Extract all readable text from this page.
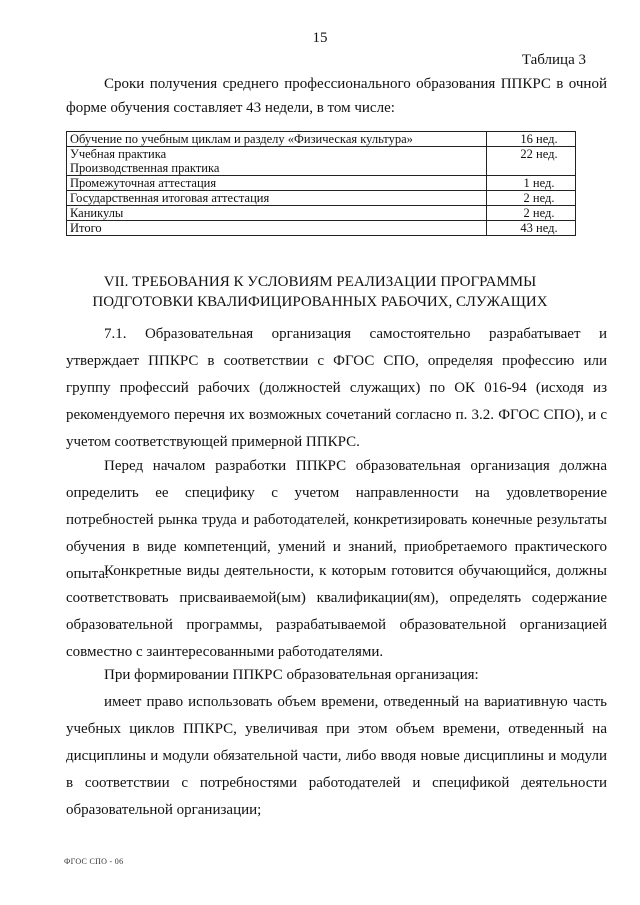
15
Таблица 3
Сроки получения среднего профессионального образования ППКРС в очной форме обучения составляет 43 недели, в том числе:
Обучение по учебным циклам и разделу «Физическая культура»	16 нед.
Учебная практика	22 нед.
Производственная практика	
Промежуточная аттестация	1 нед.
Государственная итоговая аттестация	2 нед.
Каникулы	2 нед.
Итого	43 нед.
VII. ТРЕБОВАНИЯ К УСЛОВИЯМ РЕАЛИЗАЦИИ ПРОГРАММЫ
ПОДГОТОВКИ КВАЛИФИЦИРОВАННЫХ РАБОЧИХ, СЛУЖАЩИХ
7.1. Образовательная организация самостоятельно разрабатывает и утверждает ППКРС в соответствии с ФГОС СПО, определяя профессию или группу профессий рабочих (должностей служащих) по ОК 016-94 (исходя из рекомендуемого перечня их возможных сочетаний согласно п. 3.2. ФГОС СПО), и с учетом соответствующей примерной ППКРС.
Перед началом разработки ППКРС образовательная организация должна определить ее специфику с учетом направленности на удовлетворение потребностей рынка труда и работодателей, конкретизировать конечные результаты обучения в виде компетенций, умений и знаний, приобретаемого практического опыта.
Конкретные виды деятельности, к которым готовится обучающийся, должны соответствовать присваиваемой(ым) квалификации(ям), определять содержание образовательной программы, разрабатываемой образовательной организацией совместно с заинтересованными работодателями.
При формировании ППКРС образовательная организация:
имеет право использовать объем времени, отведенный на вариативную часть учебных циклов ППКРС, увеличивая при этом объем времени, отведенный на дисциплины и модули обязательной части, либо вводя новые дисциплины и модули в соответствии с потребностями работодателей и спецификой деятельности образовательной организации;
ФГОС СПО - 06
